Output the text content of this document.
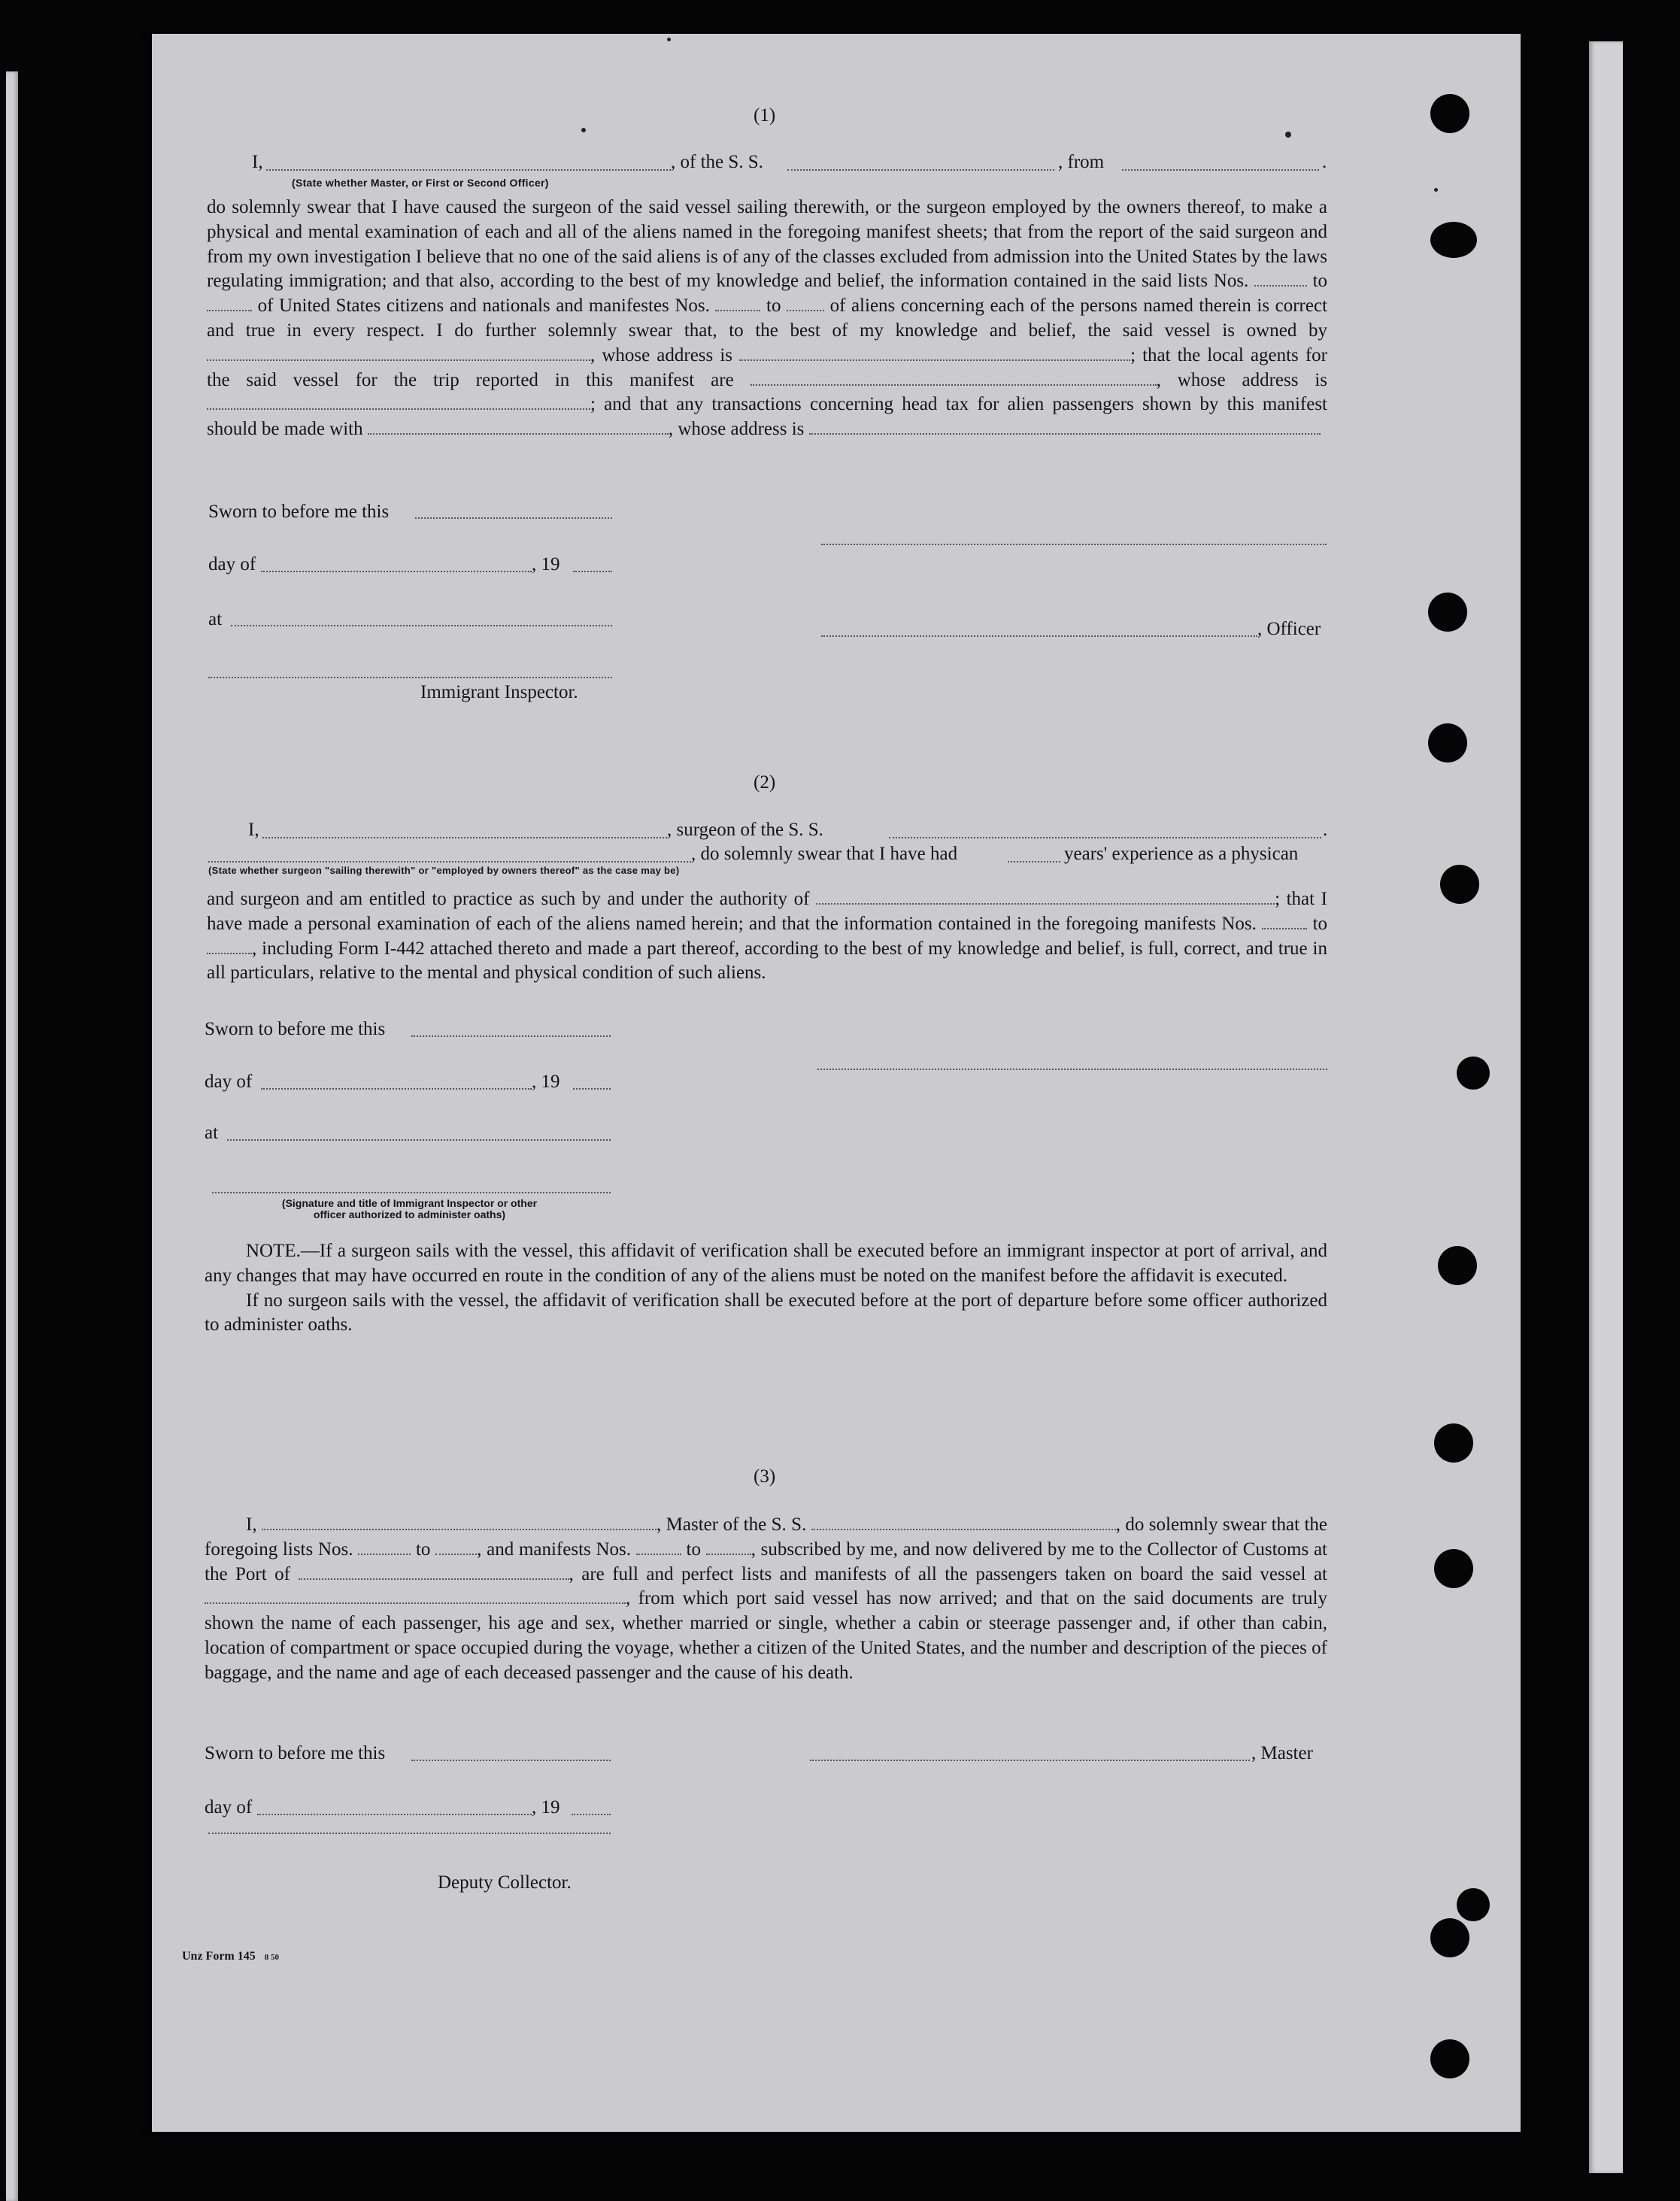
(1)
I,	, of the S. S.	, from	.
(State whether Master, or First or Second Officer)

do solemnly swear that I have caused the surgeon of the said vessel sailing therewith, or the surgeon employed by the owners thereof, to make a physical and mental examination of each and all of the aliens named in the foregoing manifest sheets; that from the report of the said surgeon and from my own investigation I believe that no one of the said aliens is of any of the classes excluded from admission into the United States by the laws regulating immigration; and that also, according to the best of my knowledge and belief, the information contained in the said lists Nos.	to  of United States citizens and nationals and manifestes Nos.	to	of aliens concerning each of the persons named therein is correct and true in every respect. I do further solemnly swear that, to the best of my knowledge and belief, the said vessel is owned by , whose address is	; that the local agents for the said vessel for the trip reported in this manifest are	, whose address is ; and that any transactions concerning head tax for alien passengers shown by this manifest should be made with	, whose address is

Sworn to before me this
day of	, 19
at	, Officer
Immigrant Inspector.
(2)
I,	, surgeon of the S. S.	.
, do solemnly swear that I have had	years' experience as a physican
(State whether surgeon "sailing therewith" or "employed by owners thereof" as the case may be)

and surgeon and am entitled to practice as such by and under the authority of	; that I have made a personal examination of each of the aliens named herein; and that the information contained in the foregoing manifests Nos.	to , including Form I-442 attached thereto and made a part thereof, according to the best of my knowledge and belief, is full, correct, and true in all particulars, relative to the mental and physical condition of such aliens.

Sworn to before me this
day of	, 19
at
(Signature and title of Immigrant Inspector or other
officer authorized to administer oaths)

NOTE.—If a surgeon sails with the vessel, this affidavit of verification shall be executed before an immigrant inspector at port of arrival, and any changes that may have occurred en route in the condition of any of the aliens must be noted on the manifest before the affidavit is executed.

If no surgeon sails with the vessel, the affidavit of verification shall be executed before at the port of departure before some officer authorized to administer oaths.

(3)

I,	, Master of the S. S.	, do solemnly swear that the foregoing lists Nos.	to , and manifests Nos.	to	, subscribed by me, and now delivered by me to the Collector of Customs at the Port of	, are full and perfect lists and manifests of all the passengers taken on board the said vessel at , from which port said vessel has now arrived; and that on the said documents are truly shown the name of each passenger, his age and sex, whether married or single, whether a cabin or steerage passenger and, if other than cabin, location of compartment or space occupied during the voyage, whether a citizen of the United States, and the number and description of the pieces of baggage, and the name and age of each deceased passenger and the cause of his death.

Sworn to before me this	, Master
day of	, 19
Deputy Collector.
Unz Form 145 8 50
